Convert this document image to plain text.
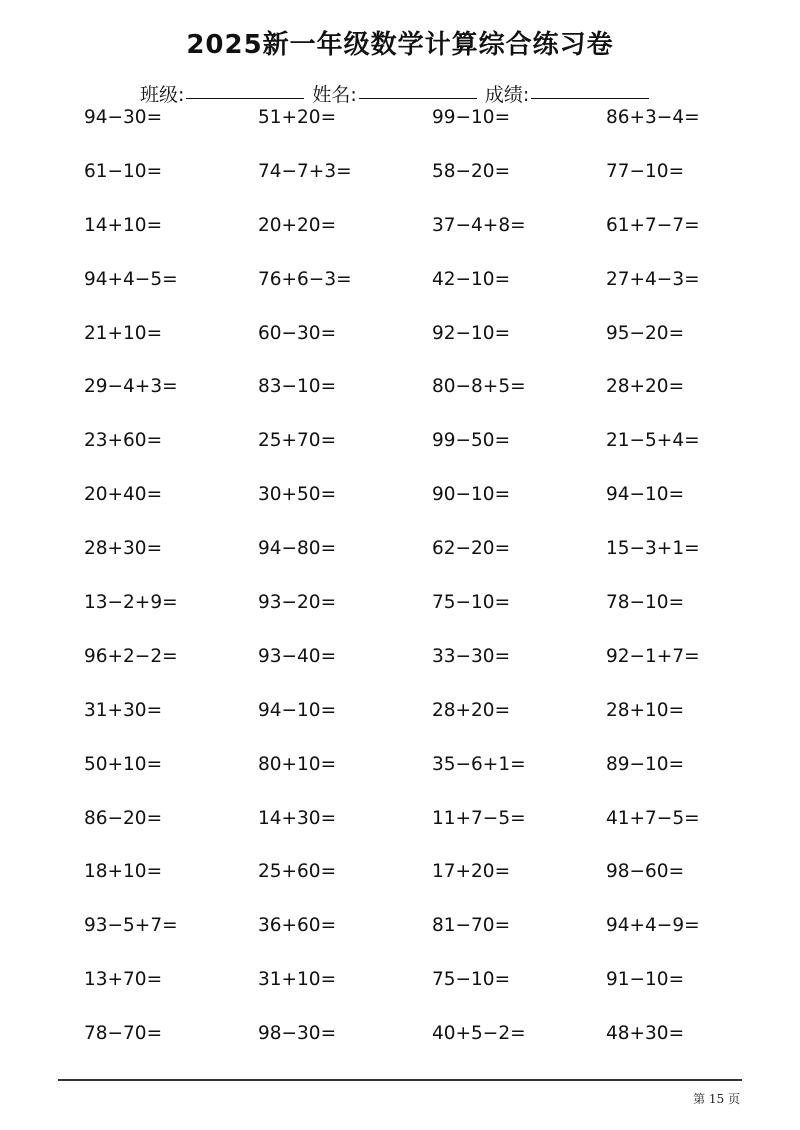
2025新一年级数学计算综合练习卷
班级:	姓名:	成绩:
94−30=	51+20=	99−10=	86+3−4=
61−10=	74−7+3=	58−20=	77−10=
14+10=	20+20=	37−4+8=	61+7−7=
94+4−5=	76+6−3=	42−10=	27+4−3=
21+10=	60−30=	92−10=	95−20=
29−4+3=	83−10=	80−8+5=	28+20=
23+60=	25+70=	99−50=	21−5+4=
20+40=	30+50=	90−10=	94−10=
28+30=	94−80=	62−20=	15−3+1=
13−2+9=	93−20=	75−10=	78−10=
96+2−2=	93−40=	33−30=	92−1+7=
31+30=	94−10=	28+20=	28+10=
50+10=	80+10=	35−6+1=	89−10=
86−20=	14+30=	11+7−5=	41+7−5=
18+10=	25+60=	17+20=	98−60=
93−5+7=	36+60=	81−70=	94+4−9=
13+70=	31+10=	75−10=	91−10=
78−70=	98−30=	40+5−2=	48+30=
第 15 页
